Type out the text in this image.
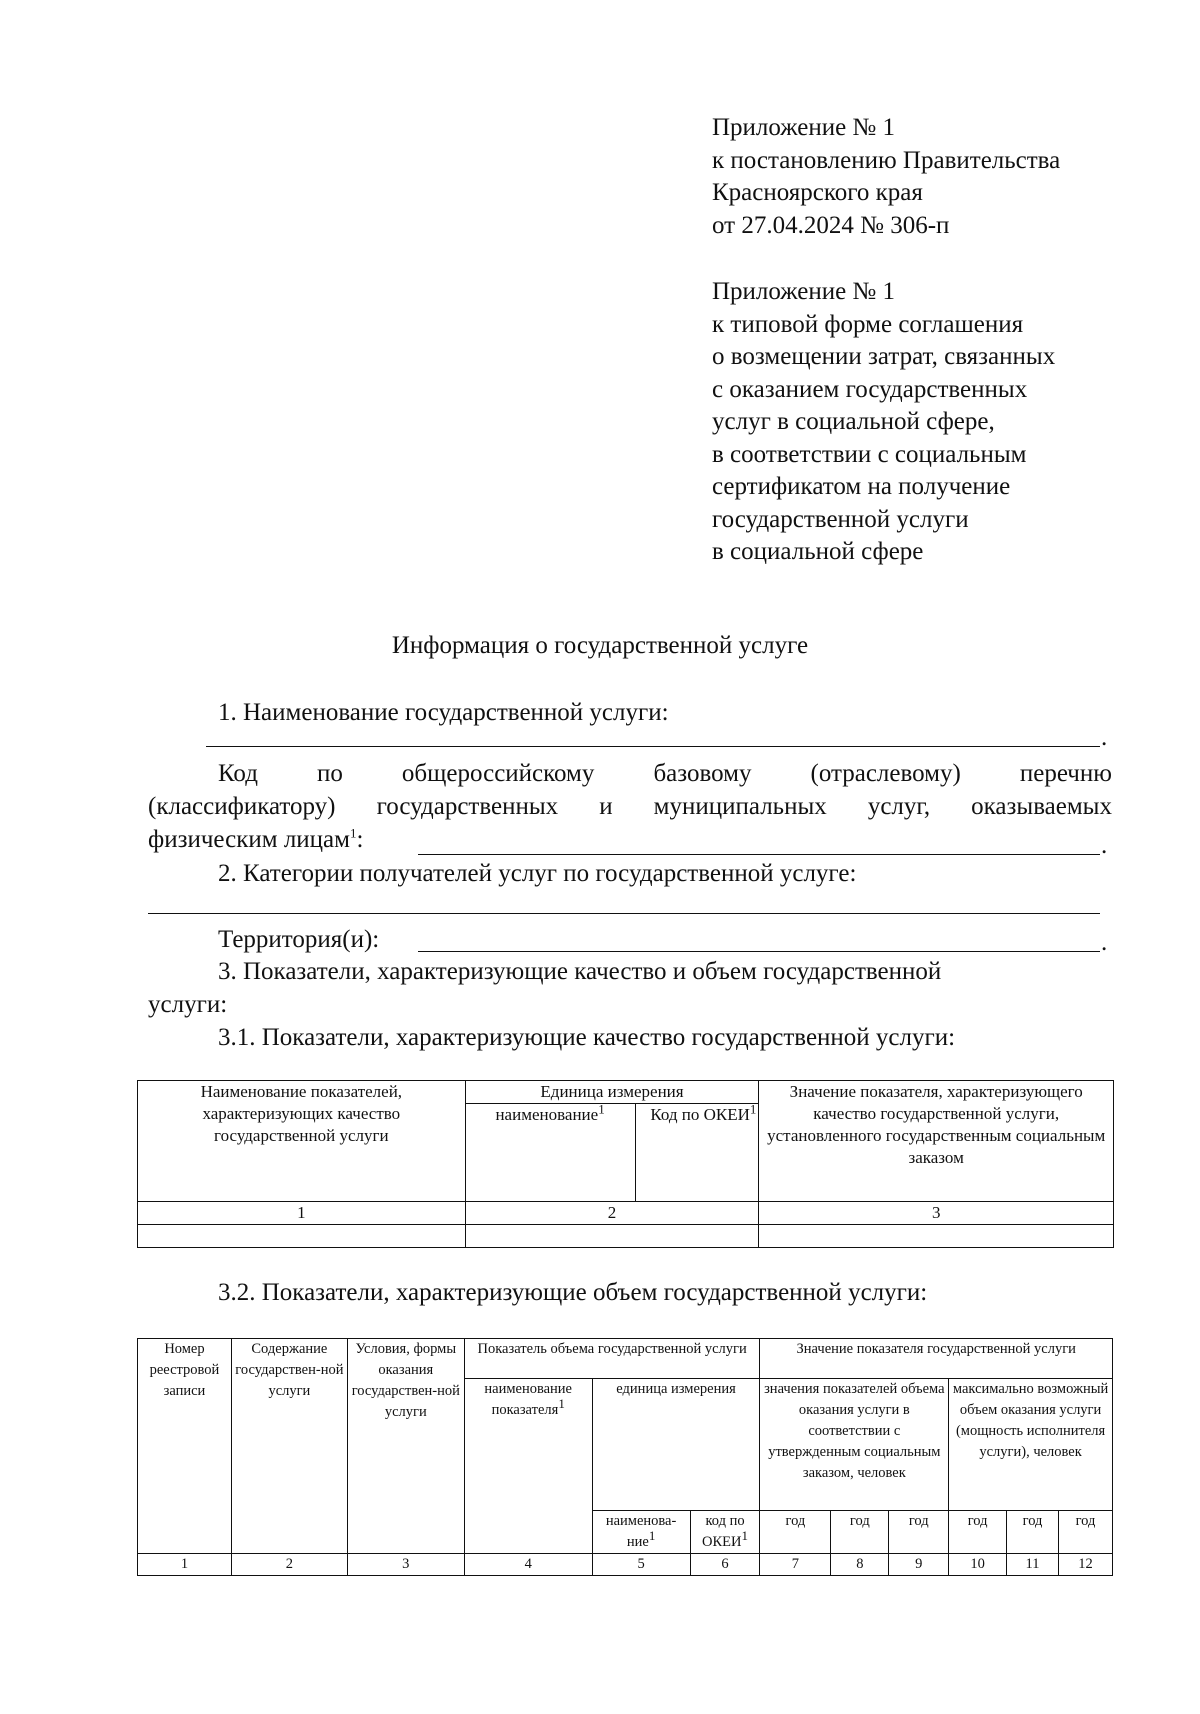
Приложение № 1
к постановлению Правительства
Красноярского края
от 27.04.2024 № 306-п
Приложение № 1
к типовой форме соглашения
о возмещении затрат, связанных
с оказанием государственных
услуг в социальной сфере,
в соответствии с социальным
сертификатом на получение
государственной услуги
в социальной сфере
Информация о государственной услуге
1. Наименование государственной услуги:
.
Код по общероссийскому базовому (отраслевому) перечню
(классификатору) государственных и муниципальных услуг, оказываемых
физическим лицам$^1$:	.
2. Категории получателей услуг по государственной услуге:
Территория(и):	.
3. Показатели, характеризующие качество и объем государственной
услуги:
3.1. Показатели, характеризующие качество государственной услуги:
Наименование показателей, характеризующих качество государственной услуги	Единица измерения		Значение показателя, характеризующего качество государственной услуги, установленного государственным социальным заказом
	наименование$^1$	Код по ОКЕИ$^1$
1	2		3

3.2. Показатели, характеризующие объем государственной услуги:
Номер реестровой записи	Содержание государствен-ной услуги	Условия, формы оказания государствен-ной услуги	Показатель объема государственной услуги			Значение показателя государственной услуги					
			наименование показателя$^1$	единица измерения		значения показателей объема оказания услуги в соответствии с утвержденным социальным заказом, человек			максимально возможный объем оказания услуги (мощность исполнителя услуги), человек		
				наименова-ние$^1$	код по ОКЕИ$^1$	год	год	год	год	год	год
1	2	3	4	5	6	7	8	9	10	11	12
